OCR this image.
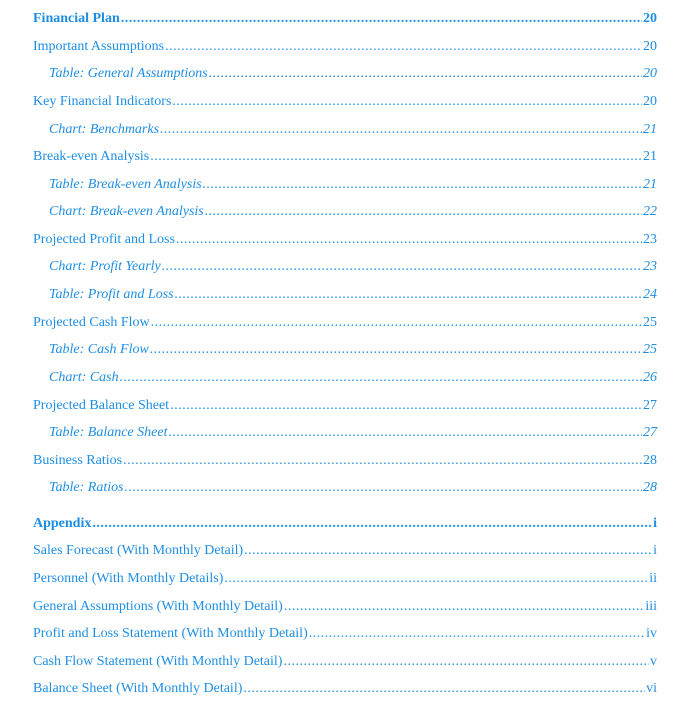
Financial Plan .....	20
Important Assumptions .....	20
Table: General Assumptions .....	20
Key Financial Indicators .....	20
Chart: Benchmarks .....	21
Break-even Analysis .....	21
Table: Break-even Analysis .....	21
Chart: Break-even Analysis .....	22
Projected Profit and Loss .....	23
Chart: Profit Yearly .....	23
Table: Profit and Loss .....	24
Projected Cash Flow .....	25
Table: Cash Flow .....	25
Chart: Cash .....	26
Projected Balance Sheet .....	27
Table: Balance Sheet .....	27
Business Ratios .....	28
Table: Ratios .....	28
Appendix .....	i
Sales Forecast (With Monthly Detail) .....	i
Personnel (With Monthly Details) .....	ii
General Assumptions (With Monthly Detail) .....	iii
Profit and Loss Statement (With Monthly Detail) .....	iv
Cash Flow Statement (With Monthly Detail) .....	v
Balance Sheet (With Monthly Detail) .....	vi
